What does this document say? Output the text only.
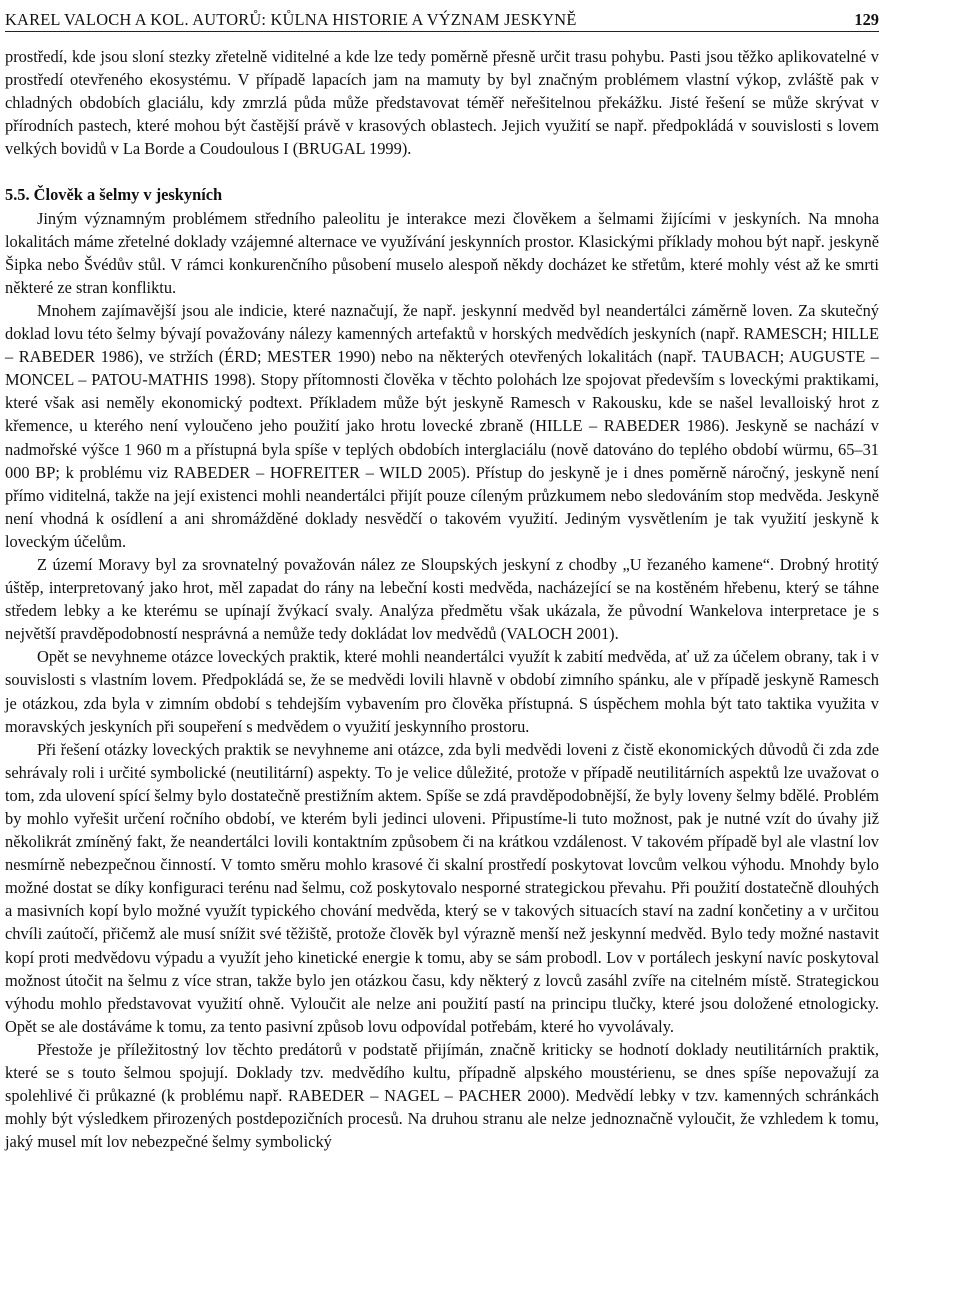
KAREL VALOCH A KOL. AUTORŮ: KŮLNA HISTORIE A VÝZNAM JESKYNĚ	129

prostředí, kde jsou sloní stezky zřetelně viditelné a kde lze tedy poměrně přesně určit trasu pohybu. Pasti jsou těžko aplikovatelné v prostředí otevřeného ekosystému. V případě lapacích jam na mamuty by byl značným problémem vlastní výkop, zvláště pak v chladných obdobích glaciálu, kdy zmrzlá půda může představovat téměř neřešitelnou překážku. Jisté řešení se může skrývat v přírodních pastech, které mohou být častější právě v krasových oblastech. Jejich využití se např. předpokládá v souvislosti s lovem velkých bovidů v La Borde a Coudoulous I (BRUGAL 1999).

5.5. Člověk a šelmy v jeskyních

Jiným významným problémem středního paleolitu je interakce mezi člověkem a šelmami žijícími v jeskyních. Na mnoha lokalitách máme zřetelné doklady vzájemné alternace ve využívání jeskynních prostor. Klasickými příklady mohou být např. jeskyně Šipka nebo Švédův stůl. V rámci konkurenčního působení muselo alespoň někdy docházet ke střetům, které mohly vést až ke smrti některé ze stran konfliktu.

Mnohem zajímavější jsou ale indicie, které naznačují, že např. jeskynní medvěd byl neandertálci záměrně loven. Za skutečný doklad lovu této šelmy bývají považovány nálezy kamenných artefaktů v horských medvědích jeskyních (např. RAMESCH; HILLE – RABEDER 1986), ve stržích (ÉRD; MESTER 1990) nebo na některých otevřených lokalitách (např. TAUBACH; AUGUSTE – MONCEL – PATOU-MATHIS 1998). Stopy přítomnosti člověka v těchto polohách lze spojovat především s loveckými praktikami, které však asi neměly ekonomický podtext. Příkladem může být jeskyně Ramesch v Rakousku, kde se našel levalloiský hrot z křemence, u kterého není vyloučeno jeho použití jako hrotu lovecké zbraně (HILLE – RABEDER 1986). Jeskyně se nachází v nadmořské výšce 1 960 m a přístupná byla spíše v teplých obdobích interglaciálu (nově datováno do teplého období würmu, 65–31 000 BP; k problému viz RABEDER – HOFREITER – WILD 2005). Přístup do jeskyně je i dnes poměrně náročný, jeskyně není přímo viditelná, takže na její existenci mohli neandertálci přijít pouze cíleným průzkumem nebo sledováním stop medvěda. Jeskyně není vhodná k osídlení a ani shromážděné doklady nesvědčí o takovém využití. Jediným vysvětlením je tak využití jeskyně k loveckým účelům.

Z území Moravy byl za srovnatelný považován nález ze Sloupských jeskyní z chodby „U řezaného kamene“. Drobný hrotitý úštěp, interpretovaný jako hrot, měl zapadat do rány na lebeční kosti medvěda, nacházející se na kostěném hřebenu, který se táhne středem lebky a ke kterému se upínají žvýkací svaly. Analýza předmětu však ukázala, že původní Wankelova interpretace je s největší pravděpodobností nesprávná a nemůže tedy dokládat lov medvědů (VALOCH 2001).

Opět se nevyhneme otázce loveckých praktik, které mohli neandertálci využít k zabití medvěda, ať už za účelem obrany, tak i v souvislosti s vlastním lovem. Předpokládá se, že se medvědi lovili hlavně v období zimního spánku, ale v případě jeskyně Ramesch je otázkou, zda byla v zimním období s tehdejším vybavením pro člověka přístupná. S úspěchem mohla být tato taktika využita v moravských jeskyních při soupeření s medvědem o využití jeskynního prostoru.

Při řešení otázky loveckých praktik se nevyhneme ani otázce, zda byli medvědi loveni z čistě ekonomických důvodů či zda zde sehrávaly roli i určité symbolické (neutilitární) aspekty. To je velice důležité, protože v případě neutilitárních aspektů lze uvažovat o tom, zda ulovení spící šelmy bylo dostatečně prestižním aktem. Spíše se zdá pravděpodobnější, že byly loveny šelmy bdělé. Problém by mohlo vyřešit určení ročního období, ve kterém byli jedinci uloveni. Připustíme-li tuto možnost, pak je nutné vzít do úvahy již několikrát zmíněný fakt, že neandertálci lovili kontaktním způsobem či na krátkou vzdálenost. V takovém případě byl ale vlastní lov nesmírně nebezpečnou činností. V tomto směru mohlo krasové či skalní prostředí poskytovat lovcům velkou výhodu. Mnohdy bylo možné dostat se díky konfiguraci terénu nad šelmu, což poskytovalo nesporné strategickou převahu. Při použití dostatečně dlouhých a masivních kopí bylo možné využít typického chování medvěda, který se v takových situacích staví na zadní končetiny a v určitou chvíli zaútočí, přičemž ale musí snížit své těžiště, protože člověk byl výrazně menší než jeskynní medvěd. Bylo tedy možné nastavit kopí proti medvědovu výpadu a využít jeho kinetické energie k tomu, aby se sám probodl. Lov v portálech jeskyní navíc poskytoval možnost útočit na šelmu z více stran, takže bylo jen otázkou času, kdy některý z lovců zasáhl zvíře na citelném místě. Strategickou výhodu mohlo představovat využití ohně. Vyloučit ale nelze ani použití pastí na principu tlučky, které jsou doložené etnologicky. Opět se ale dostáváme k tomu, za tento pasivní způsob lovu odpovídal potřebám, které ho vyvolávaly.

Přestože je příležitostný lov těchto predátorů v podstatě přijímán, značně kriticky se hodnotí doklady neutilitárních praktik, které se s touto šelmou spojují. Doklady tzv. medvědího kultu, případně alpského moustérienu, se dnes spíše nepovažují za spolehlivé či průkazné (k problému např. RABEDER – NAGEL – PACHER 2000). Medvědí lebky v tzv. kamenných schránkách mohly být výsledkem přirozených postdepozičních procesů. Na druhou stranu ale nelze jednoznačně vyloučit, že vzhledem k tomu, jaký musel mít lov nebezpečné šelmy symbolický
